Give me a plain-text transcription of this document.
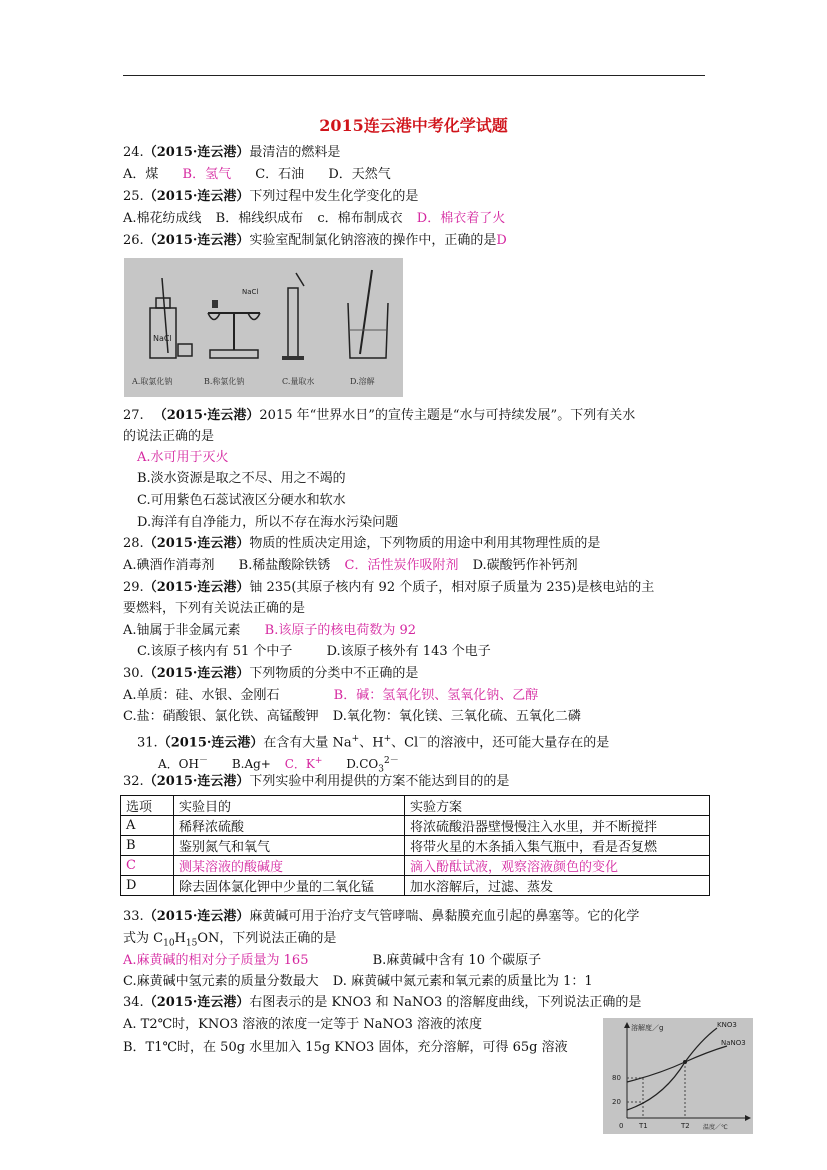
2015连云港中考化学试题
24.（2015·连云港）最清洁的燃料是
A．煤 B．氢气 C．石油 D．天然气
25.（2015·连云港）下列过程中发生化学变化的是
A.棉花纺成线 B．棉线织成布 c．棉布制成衣 D．棉衣着了火
26.（2015·连云港）实验室配制氯化钠溶液的操作中，正确的是D
NaCl
NaCl
A.取氯化钠	B.称氯化钠	C.量取水	D.溶解
27. （2015·连云港）2015 年“世界水日”的宣传主题是“水与可持续发展”。下列有关水
的说法正确的是
A.水可用于灭火
B.淡水资源是取之不尽、用之不竭的
C.可用紫色石蕊试液区分硬水和软水
D.海洋有自净能力，所以不存在海水污染问题
28.（2015·连云港）物质的性质决定用途，下列物质的用途中利用其物理性质的是
A.碘酒作消毒剂 B.稀盐酸除铁锈 C．活性炭作吸附剂 D.碳酸钙作补钙剂
29.（2015·连云港）铀 235(其原子核内有 92 个质子，相对原子质量为 235)是核电站的主
要燃料，下列有关说法正确的是
A.铀属于非金属元素 B.该原子的核电荷数为 92
C.该原子核内有 51 个中子	D.该原子核外有 143 个电子
30.（2015·连云港）下列物质的分类中不正确的是
A.单质：硅、水银、金刚石	B．碱：氢氧化钡、氢氧化钠、乙醇
C.盐：硝酸银、氯化铁、高锰酸钾 D.氧化物：氧化镁、三氧化硫、五氧化二磷
31.（2015·连云港）在含有大量 Na+、H+、Cl－的溶液中，还可能大量存在的是
A．OH－ B.Ag+ C．K+ $D.CO_3^{2-}$
32.（2015·连云港）下列实验中利用提供的方案不能达到目的的是
选项	实验目的	实验方案
A	稀释浓硫酸	将浓硫酸沿器壁慢慢注入水里，并不断搅拌
B	鉴别氮气和氧气	将带火星的木条插入集气瓶中，看是否复燃
C	测某溶液的酸碱度	滴入酚酞试液，观察溶液颜色的变化
D	除去固体氯化钾中少量的二氧化锰	加水溶解后，过滤、蒸发
33.（2015·连云港）麻黄碱可用于治疗支气管哮喘、鼻黏膜充血引起的鼻塞等。它的化学
式为 $C_{10}H_{15}ON$，下列说法正确的是
A.麻黄碱的相对分子质量为 165	B.麻黄碱中含有 10 个碳原子
C.麻黄碱中氢元素的质量分数最大 D. 麻黄碱中氮元素和氧元素的质量比为 1：1
34.（2015·连云港）右图表示的是 KNO3 和 NaNO3 的溶解度曲线，下列说法正确的是
A. T2℃时，KNO3 溶液的浓度一定等于 NaNO3 溶液的浓度
B．T1℃时，在 50g 水里加入 15g KNO3 固体，充分溶解，可得 65g 溶液
溶解度／g
温度／℃
0
80
20
T1	T2
KNO3
NaNO3
